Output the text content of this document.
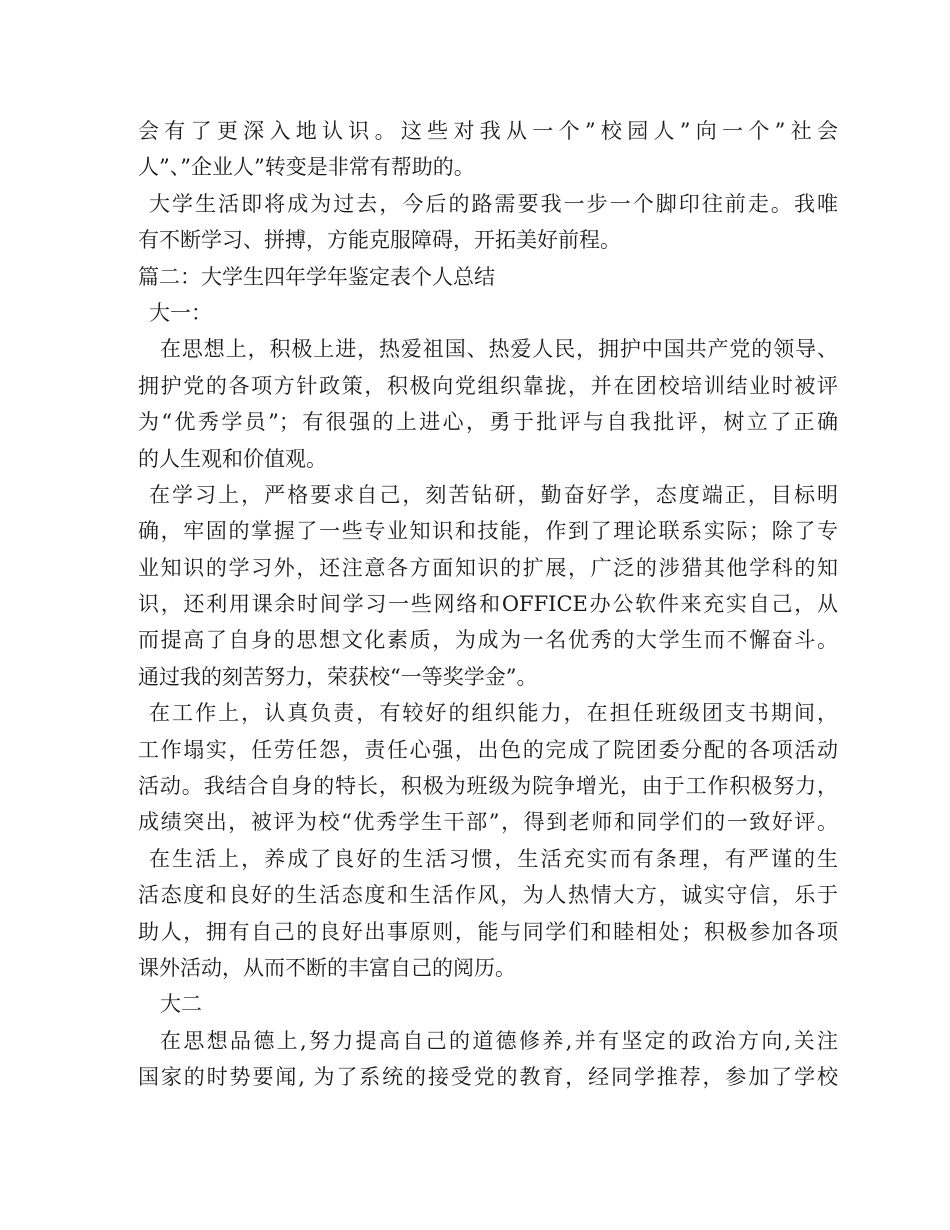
会有了更深入地认识。这些对我从一个”校园人”向一个”社会
人”、”企业人”转变是非常有帮助的。
大学生活即将成为过去，今后的路需要我一步一个脚印往前走。我唯
有不断学习、拼搏，方能克服障碍，开拓美好前程。
篇二：大学生四年学年鉴定表个人总结
大一：
在思想上，积极上进，热爱祖国、热爱人民，拥护中国共产党的领导、
拥护党的各项方针政策，积极向党组织靠拢，并在团校培训结业时被评
为“优秀学员”；有很强的上进心，勇于批评与自我批评，树立了正确
的人生观和价值观。
在学习上，严格要求自己，刻苦钻研，勤奋好学，态度端正，目标明
确，牢固的掌握了一些专业知识和技能，作到了理论联系实际；除了专
业知识的学习外，还注意各方面知识的扩展，广泛的涉猎其他学科的知
识，还利用课余时间学习一些网络和OFFICE办公软件来充实自己，从
而提高了自身的思想文化素质，为成为一名优秀的大学生而不懈奋斗。
通过我的刻苦努力，荣获校“一等奖学金”。
在工作上，认真负责，有较好的组织能力，在担任班级团支书期间，
工作塌实，任劳任怨，责任心强，出色的完成了院团委分配的各项活动
活动。我结合自身的特长，积极为班级为院争增光，由于工作积极努力，
成绩突出，被评为校“优秀学生干部”，得到老师和同学们的一致好评。
在生活上，养成了良好的生活习惯，生活充实而有条理，有严谨的生
活态度和良好的生活态度和生活作风，为人热情大方，诚实守信，乐于
助人，拥有自己的良好出事原则，能与同学们和睦相处；积极参加各项
课外活动，从而不断的丰富自己的阅历。
大二
在思想品德上,努力提高自己的道德修养,并有坚定的政治方向,关注
国家的时势要闻, 为了系统的接受党的教育，经同学推荐，参加了学校
